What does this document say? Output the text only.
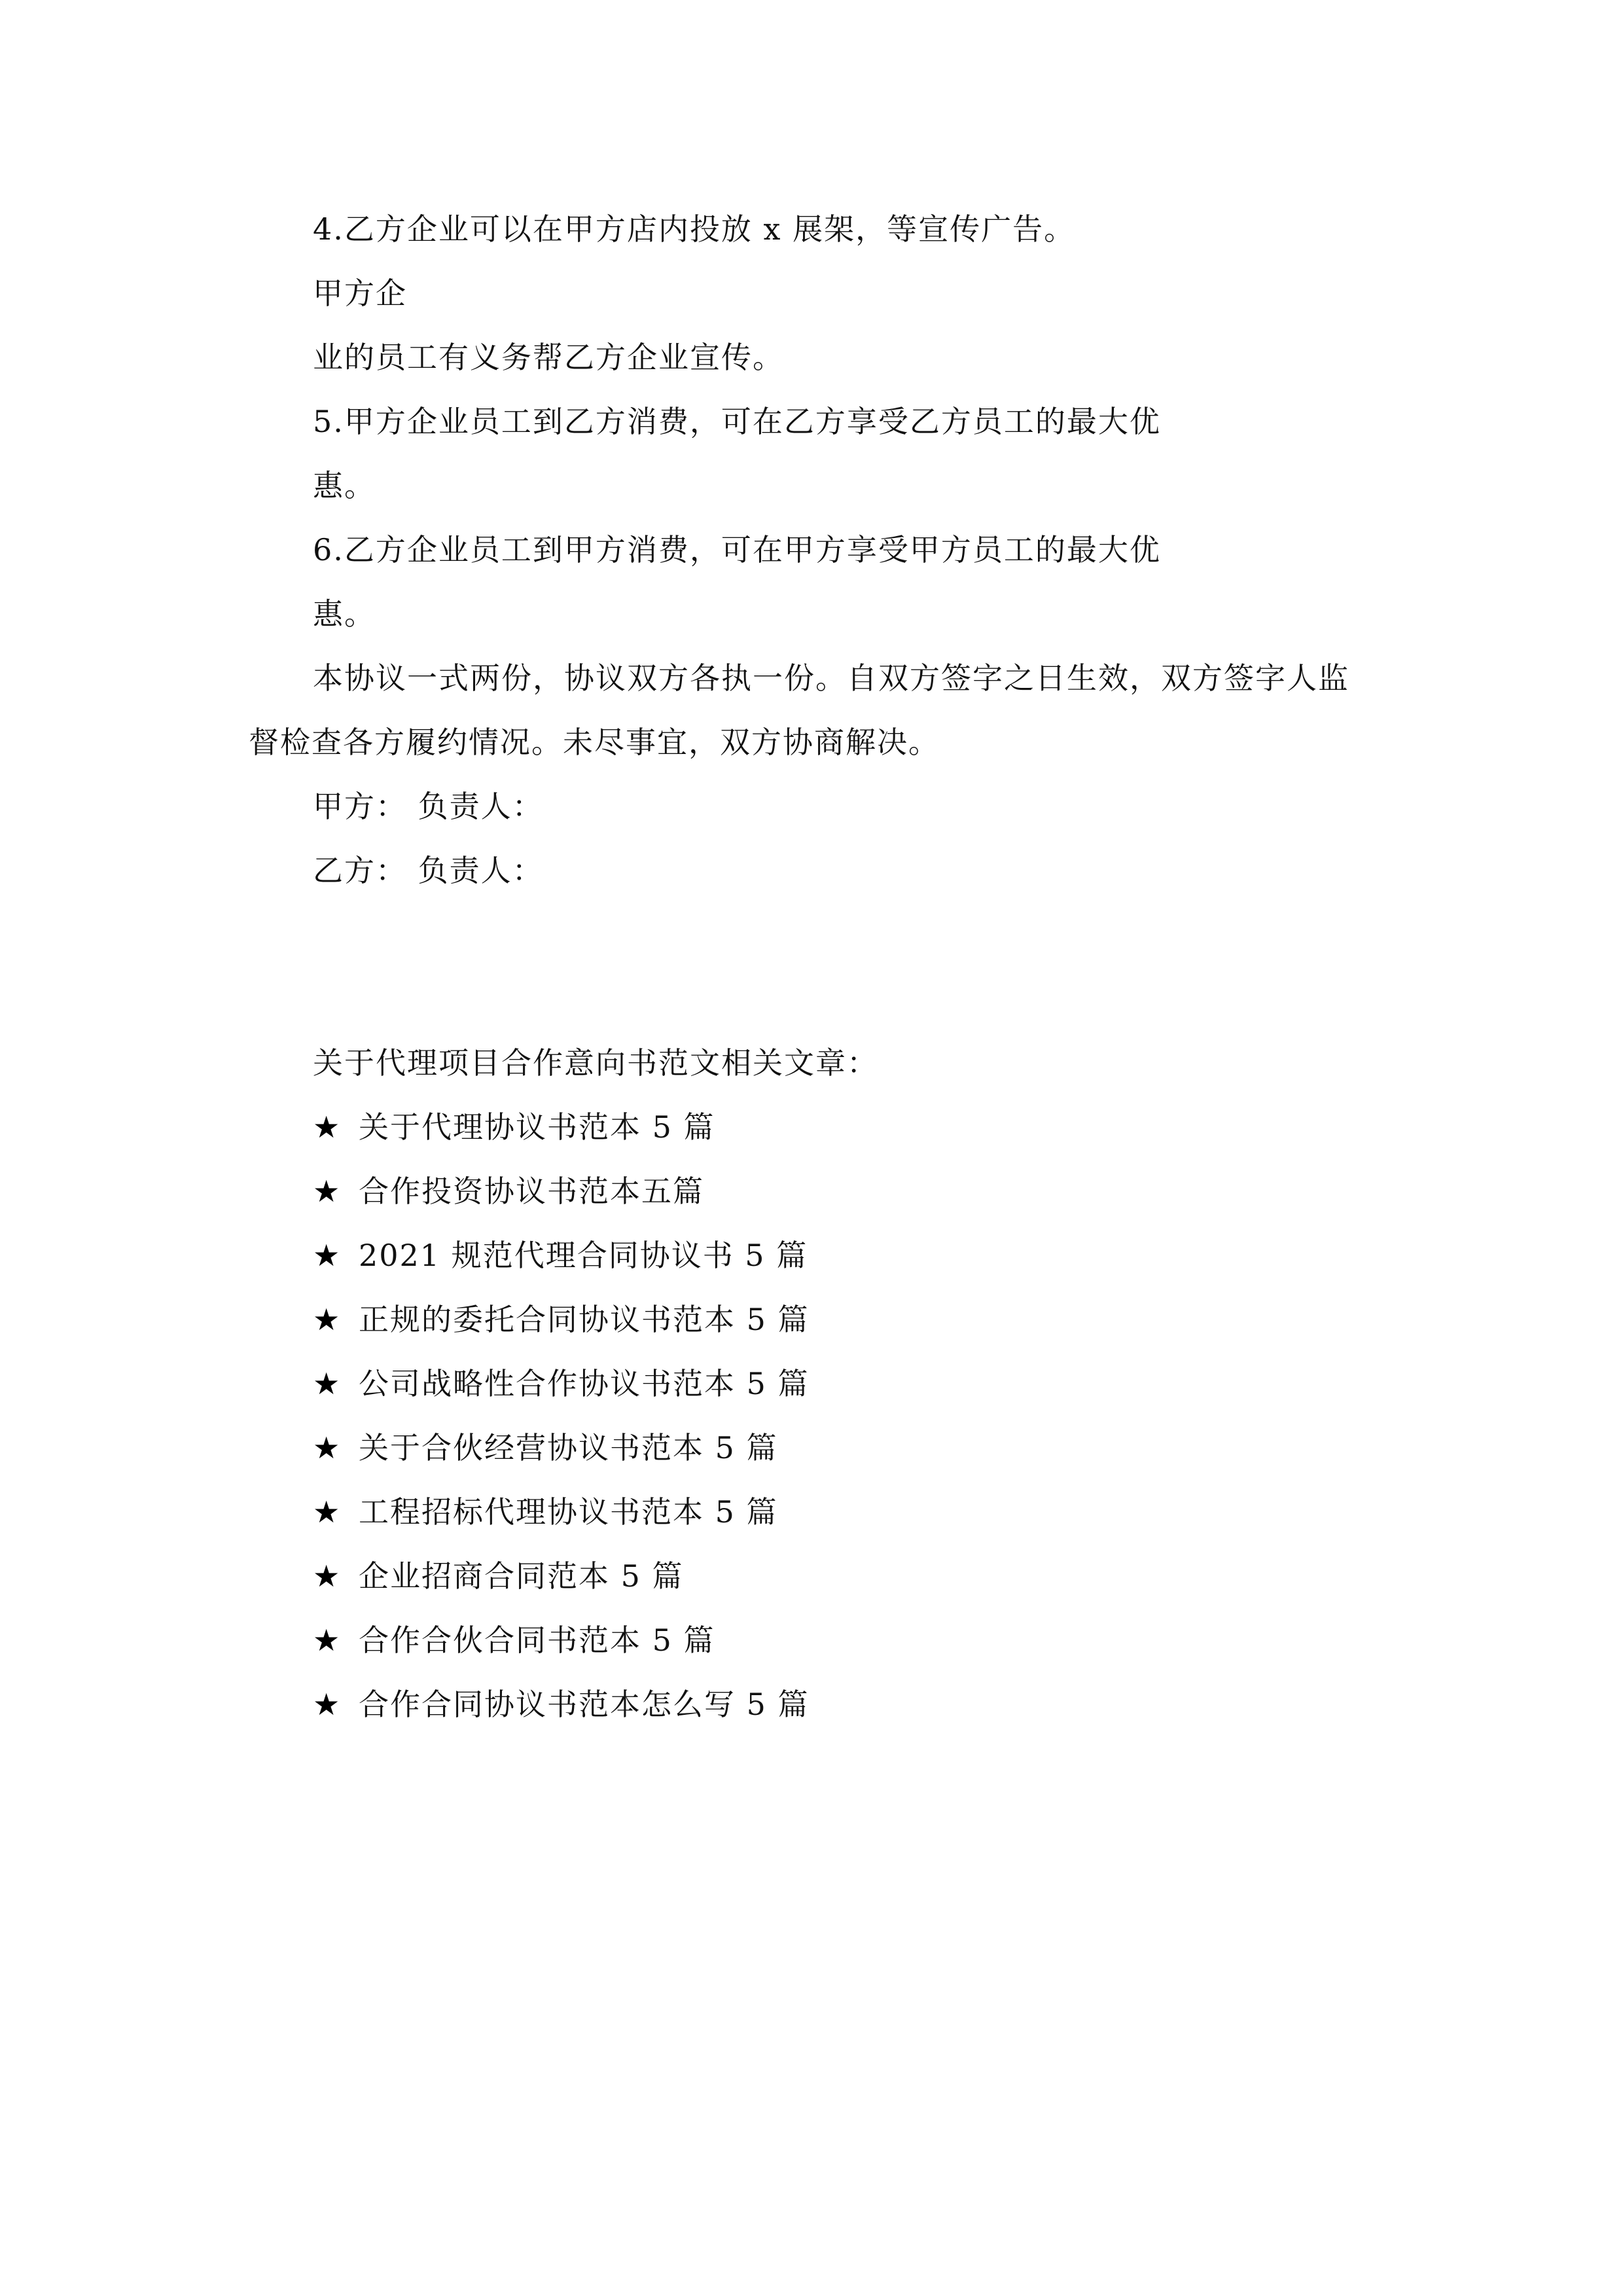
4.乙方企业可以在甲方店内投放 x 展架，等宣传广告。
甲方企
业的员工有义务帮乙方企业宣传。
5.甲方企业员工到乙方消费，可在乙方享受乙方员工的最大优
惠。
6.乙方企业员工到甲方消费，可在甲方享受甲方员工的最大优
惠。
本协议一式两份，协议双方各执一份。自双方签字之日生效，双方签字人监
督检查各方履约情况。未尽事宜，双方协商解决。
甲方： 负责人：
乙方： 负责人：
关于代理项目合作意向书范文相关文章：
★ 关于代理协议书范本 5 篇
★ 合作投资协议书范本五篇
★ 2021 规范代理合同协议书 5 篇
★ 正规的委托合同协议书范本 5 篇
★ 公司战略性合作协议书范本 5 篇
★ 关于合伙经营协议书范本 5 篇
★ 工程招标代理协议书范本 5 篇
★ 企业招商合同范本 5 篇
★ 合作合伙合同书范本 5 篇
★ 合作合同协议书范本怎么写 5 篇
